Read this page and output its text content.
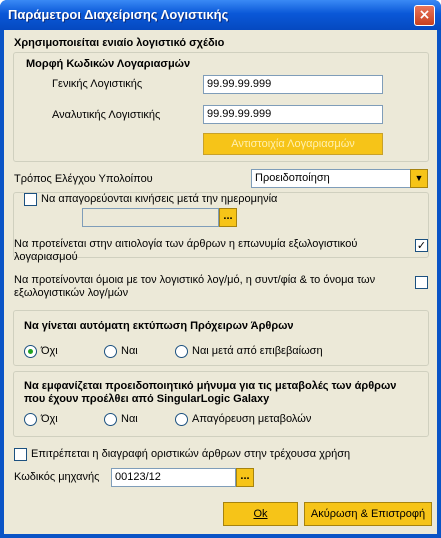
Παράμετροι Διαχείρισης Λογιστικής	×
Χρησιμοποιείται ενιαίο λογιστικό σχέδιο
Μορφή Κωδικών Λογαριασμών
Γενικής Λογιστικής	99.99.99.999
Αναλυτικής Λογιστικής	99.99.99.999
Αντιστοιχία Λογαριασμών
Τρόπος Ελέγχου Υπολοίπου	Προειδοποίηση	▼
Να απαγορεύονται κινήσεις μετά την ημερομηνία
...
Να προτείνεται στην αιτιολογία των άρθρων η επωνυμία εξωλογιστικού λογαριασμού
✓
Να προτείνονται όμοια με τον λογιστικό λογ/μό, η συντ/φία & το όνομα των εξωλογιστικών λογ/μών
Να γίνεται αυτόματη εκτύπωση Πρόχειρων Άρθρων
Όχι	Ναι	Ναι μετά από επιβεβαίωση
Να εμφανίζεται προειδοποιητικό μήνυμα για τις μεταβολές των άρθρων που έχουν προέλθει από SingularLogic Galaxy
Όχι	Ναι	Απαγόρευση μεταβολών
Επιτρέπεται η διαγραφή οριστικών άρθρων στην τρέχουσα χρήση
Κωδικός μηχανής	00123/12	...
Ok	Ακύρωση & Επιστροφή
